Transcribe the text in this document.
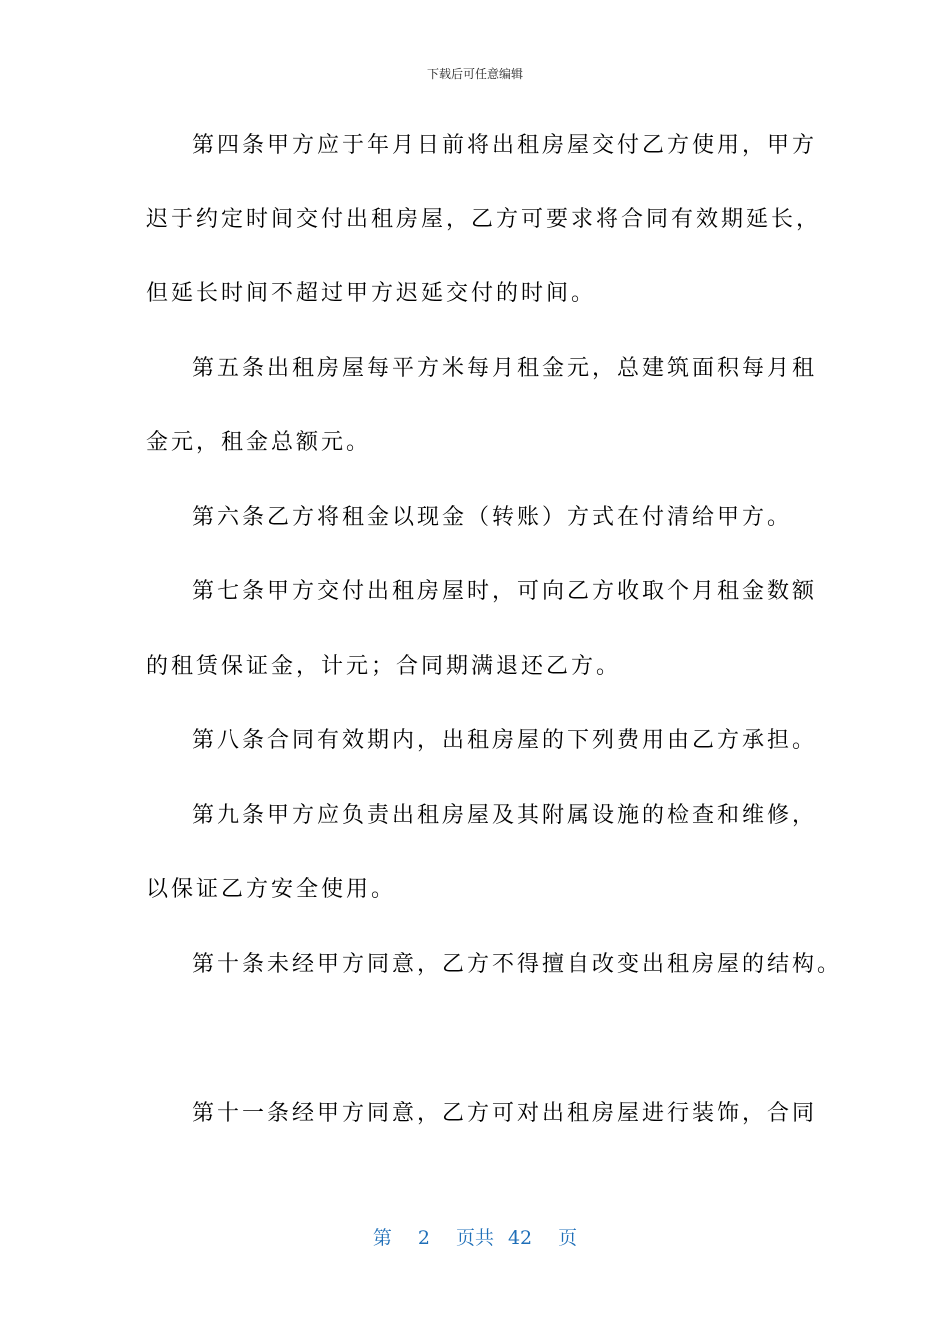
下载后可任意编辑
第四条甲方应于年月日前将出租房屋交付乙方使用，甲方
迟于约定时间交付出租房屋，乙方可要求将合同有效期延长，
但延长时间不超过甲方迟延交付的时间。
第五条出租房屋每平方米每月租金元，总建筑面积每月租
金元，租金总额元。
第六条乙方将租金以现金（转账）方式在付清给甲方。
第七条甲方交付出租房屋时，可向乙方收取个月租金数额
的租赁保证金，计元；合同期满退还乙方。
第八条合同有效期内，出租房屋的下列费用由乙方承担。
第九条甲方应负责出租房屋及其附属设施的检查和维修，
以保证乙方安全使用。
第十条未经甲方同意，乙方不得擅自改变出租房屋的结构。
第十一条经甲方同意，乙方可对出租房屋进行装饰，合同
第 2 页共 42 页
